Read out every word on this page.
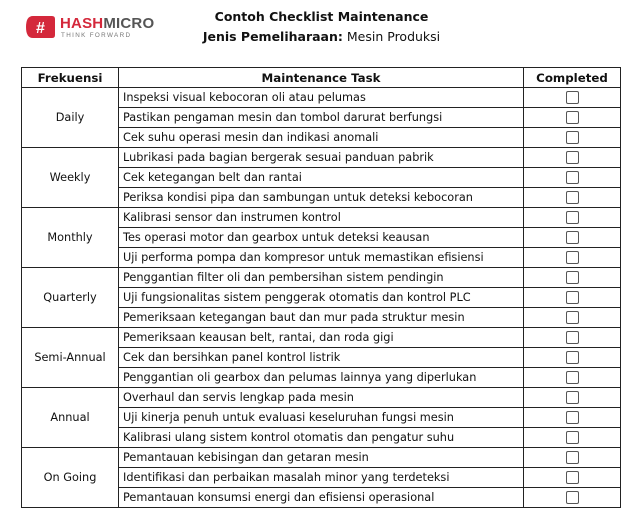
# HASHMICRO
THINK FORWARD
Contoh Checklist Maintenance
Jenis Pemeliharaan: Mesin Produksi
Frekuensi	Maintenance Task	Completed
Daily	Inspeksi visual kebocoran oli atau pelumas	
	Pastikan pengaman mesin dan tombol darurat berfungsi	
	Cek suhu operasi mesin dan indikasi anomali	
Weekly	Lubrikasi pada bagian bergerak sesuai panduan pabrik	
	Cek ketegangan belt dan rantai	
	Periksa kondisi pipa dan sambungan untuk deteksi kebocoran	
Monthly	Kalibrasi sensor dan instrumen kontrol	
	Tes operasi motor dan gearbox untuk deteksi keausan	
	Uji performa pompa dan kompresor untuk memastikan efisiensi	
Quarterly	Penggantian filter oli dan pembersihan sistem pendingin	
	Uji fungsionalitas sistem penggerak otomatis dan kontrol PLC	
	Pemeriksaan ketegangan baut dan mur pada struktur mesin	
Semi-Annual	Pemeriksaan keausan belt, rantai, dan roda gigi	
	Cek dan bersihkan panel kontrol listrik	
	Penggantian oli gearbox dan pelumas lainnya yang diperlukan	
Annual	Overhaul dan servis lengkap pada mesin	
	Uji kinerja penuh untuk evaluasi keseluruhan fungsi mesin	
	Kalibrasi ulang sistem kontrol otomatis dan pengatur suhu	
On Going	Pemantauan kebisingan dan getaran mesin	
	Identifikasi dan perbaikan masalah minor yang terdeteksi	
	Pemantauan konsumsi energi dan efisiensi operasional	
